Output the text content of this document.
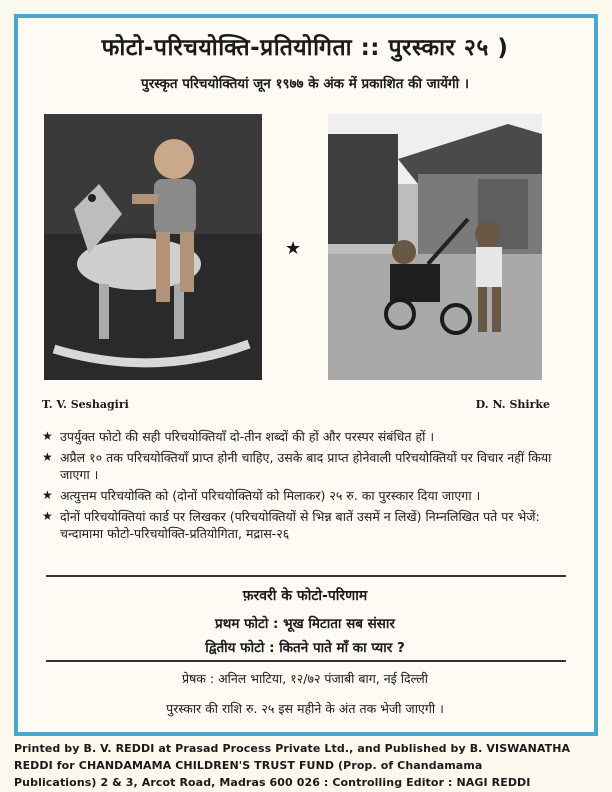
फोटो-परिचयोक्ति-प्रतियोगिता :: पुरस्कार २५ )
पुरस्कृत परिचयोक्तियां जून १९७७ के अंक में प्रकाशित की जायेंगी ।
★
T. V. Seshagiri	D. N. Shirke
★ उपर्युक्त फोटो की सही परिचयोक्तियाँ दो-तीन शब्दों की हों और परस्पर संबंधित हों ।
★ अप्रैल १० तक परिचयोक्तियाँ प्राप्त होनी चाहिए, उसके बाद प्राप्त होनेवाली परिचयोक्तियों पर विचार नहीं किया जाएगा ।
★ अत्युत्तम परिचयोक्ति को (दोनों परिचयोक्तियों को मिलाकर) २५ रु. का पुरस्कार दिया जाएगा ।
★ दोनों परिचयोक्तियां कार्ड पर लिखकर (परिचयोक्तियों से भिन्न बातें उसमें न लिखें) निम्नलिखित पते पर भेजें: चन्दामामा फोटो-परिचयोक्ति-प्रतियोगिता, मद्रास-२६
फ़रवरी के फोटो-परिणाम
प्रथम फोटो : भूख मिटाता सब संसार
द्वितीय फोटो : कितने पाते माँ का प्यार ?
प्रेषक : अनिल भाटिया, १२/७२ पंजाबी बाग, नई दिल्ली
पुरस्कार की राशि रु. २५ इस महीने के अंत तक भेजी जाएगी ।
Printed by B. V. REDDI at Prasad Process Private Ltd., and Published by B. VISWANATHA
REDDI for CHANDAMAMA CHILDREN'S TRUST FUND (Prop. of Chandamama
Publications) 2 & 3, Arcot Road, Madras 600 026 : Controlling Editor : NAGI REDDI
